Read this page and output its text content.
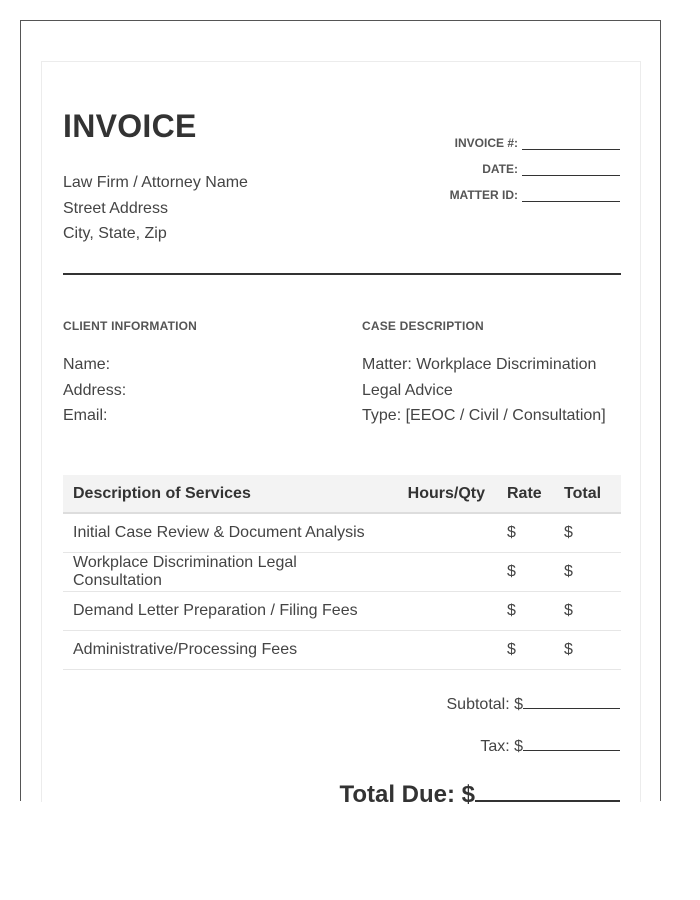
INVOICE
Law Firm / Attorney Name
Street Address
City, State, Zip
INVOICE #:
DATE:
MATTER ID:
CLIENT INFORMATION	CASE DESCRIPTION
Name:
Address:
Email:
Matter: Workplace Discrimination
Legal Advice
Type: [EEOC / Civil / Consultation]
Description of Services	Hours/Qty	Rate	Total
Initial Case Review & Document Analysis		$	$
Workplace Discrimination Legal Consultation		$	$
Demand Letter Preparation / Filing Fees		$	$
Administrative/Processing Fees		$	$
Subtotal: $
Tax: $
Total Due: $
